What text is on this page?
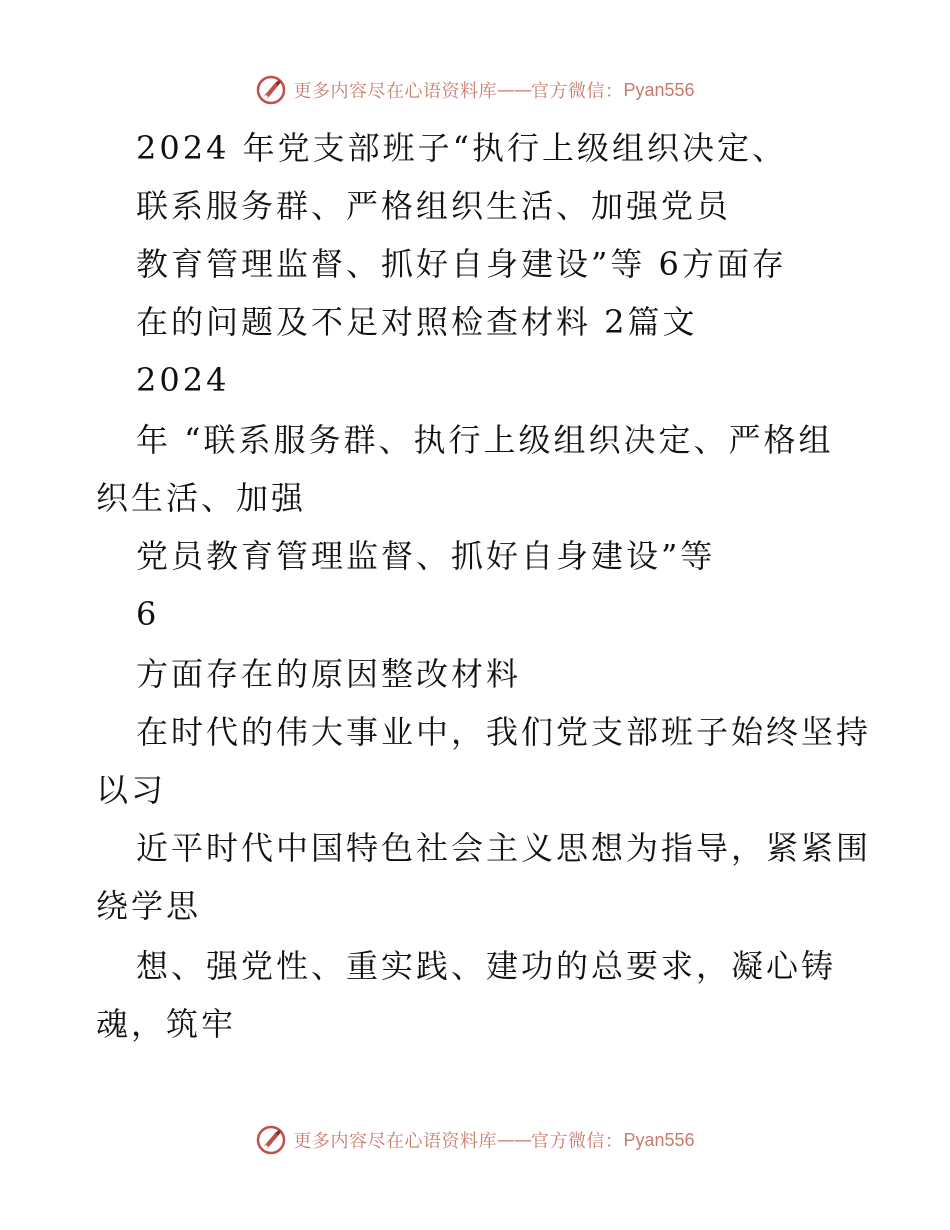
更多内容尽在心语资料库 —— 官方微信： Pyan556
2024 年党支部班子“执行上级组织决定、
联系服务群、严格组织生活、加强党员
教育管理监督、抓好自身建设”等 6方面存
在的问题及不足对照检查材料 2篇文
2024
年 “联系服务群、执行上级组织决定、严格组
织生活、加强
党员教育管理监督、抓好自身建设”等
6
方面存在的原因整改材料
在时代的伟大事业中，我们党支部班子始终坚持
以习
近平时代中国特色社会主义思想为指导，紧紧围
绕学思
想、强党性、重实践、建功的总要求，凝心铸
魂，筑牢
更多内容尽在心语资料库 —— 官方微信： Pyan556
